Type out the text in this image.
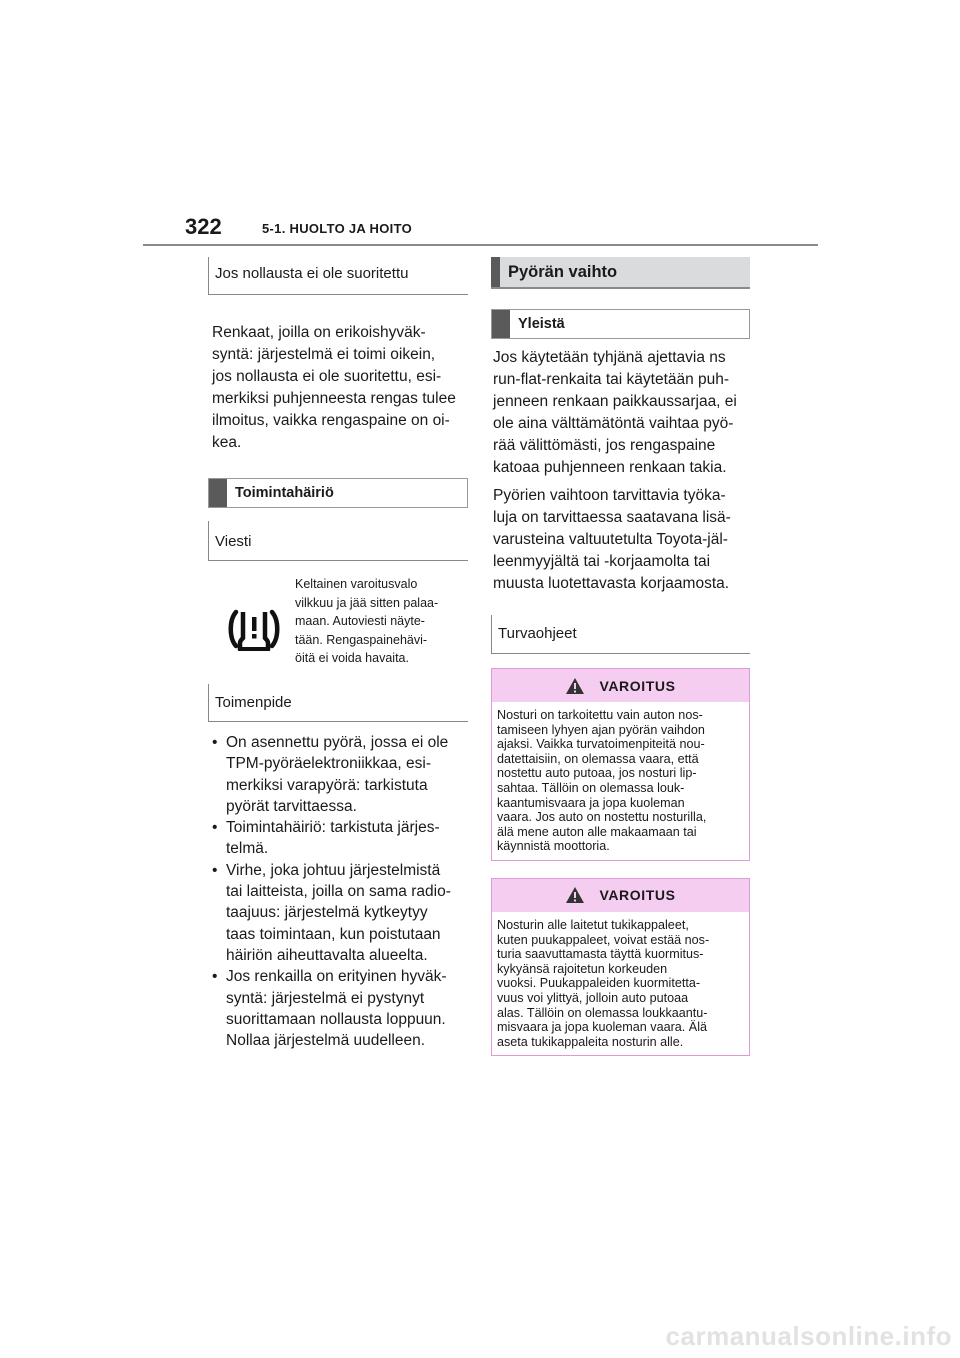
322	5-1. HUOLTO JA HOITO
Jos nollausta ei ole suoritettu
Renkaat, joilla on erikoishyväk-
syntä: järjestelmä ei toimi oikein,
jos nollausta ei ole suoritettu, esi-
merkiksi puhjenneesta rengas tulee
ilmoitus, vaikka rengaspaine on oi-
kea.
Toimintahäiriö
Viesti
Keltainen varoitusvalo
vilkkuu ja jää sitten palaa-
maan. Autoviesti näyte-
tään. Rengaspainehävi-
öitä ei voida havaita.
Toimenpide
• On asennettu pyörä, jossa ei ole
TPM-pyöräelektroniikkaa, esi-
merkiksi varapyörä: tarkistuta
pyörät tarvittaessa.
• Toimintahäiriö: tarkistuta järjes-
telmä.
• Virhe, joka johtuu järjestelmistä
tai laitteista, joilla on sama radio-
taajuus: järjestelmä kytkeytyy
taas toimintaan, kun poistutaan
häiriön aiheuttavalta alueelta.
• Jos renkailla on erityinen hyväk-
syntä: järjestelmä ei pystynyt
suorittamaan nollausta loppuun.
Nollaa järjestelmä uudelleen.
Pyörän vaihto
Yleistä
Jos käytetään tyhjänä ajettavia ns
run-flat-renkaita tai käytetään puh-
jenneen renkaan paikkaussarjaa, ei
ole aina välttämätöntä vaihtaa pyö-
rää välittömästi, jos rengaspaine
katoaa puhjenneen renkaan takia.
Pyörien vaihtoon tarvittavia työka-
luja on tarvittaessa saatavana lisä-
varusteina valtuutetulta Toyota-jäl-
leenmyyjältä tai -korjaamolta tai
muusta luotettavasta korjaamosta.
Turvaohjeet
VAROITUS
Nosturi on tarkoitettu vain auton nos-
tamiseen lyhyen ajan pyörän vaihdon
ajaksi. Vaikka turvatoimenpiteitä nou-
datettaisiin, on olemassa vaara, että
nostettu auto putoaa, jos nosturi lip-
sahtaa. Tällöin on olemassa louk-
kaantumisvaara ja jopa kuoleman
vaara. Jos auto on nostettu nosturilla,
älä mene auton alle makaamaan tai
käynnistä moottoria.
VAROITUS
Nosturin alle laitetut tukikappaleet,
kuten puukappaleet, voivat estää nos-
turia saavuttamasta täyttä kuormitus-
kykyänsä rajoitetun korkeuden
vuoksi. Puukappaleiden kuormitetta-
vuus voi ylittyä, jolloin auto putoaa
alas. Tällöin on olemassa loukkaantu-
misvaara ja jopa kuoleman vaara. Älä
aseta tukikappaleita nosturin alle.
carmanualsonline.info
